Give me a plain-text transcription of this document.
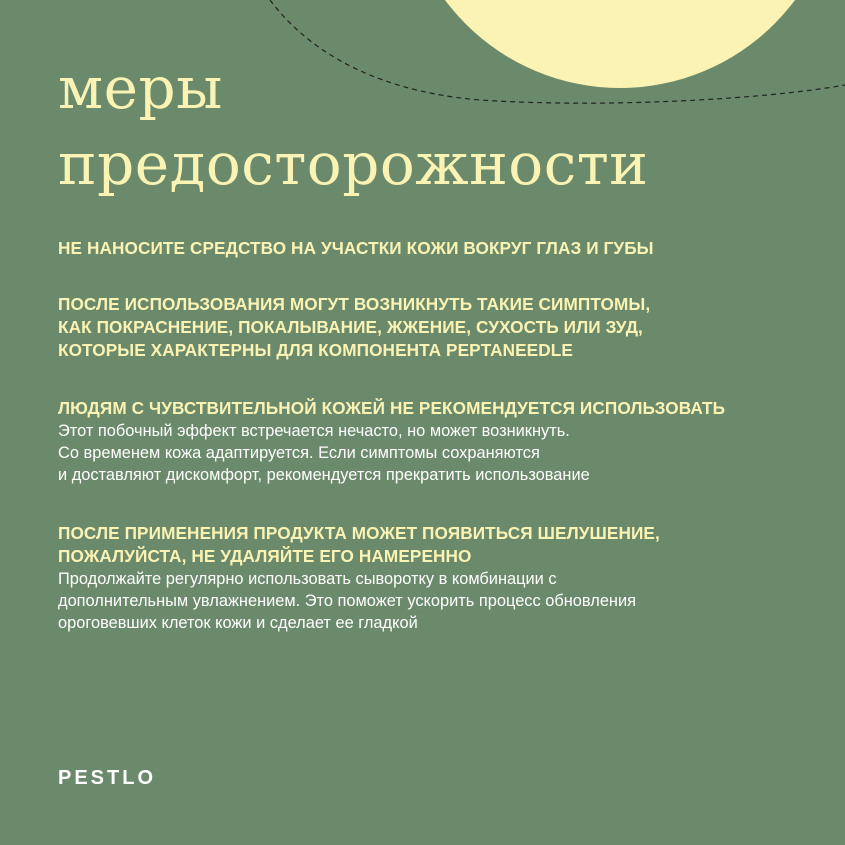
меры
предосторожности
НЕ НАНОСИТЕ СРЕДСТВО НА УЧАСТКИ КОЖИ ВОКРУГ ГЛАЗ И ГУБЫ
ПОСЛЕ ИСПОЛЬЗОВАНИЯ МОГУТ ВОЗНИКНУТЬ ТАКИЕ СИМПТОМЫ,
КАК ПОКРАСНЕНИЕ, ПОКАЛЫВАНИЕ, ЖЖЕНИЕ, СУХОСТЬ ИЛИ ЗУД,
КОТОРЫЕ ХАРАКТЕРНЫ ДЛЯ КОМПОНЕНТА PEPTANEEDLE
ЛЮДЯМ С ЧУВСТВИТЕЛЬНОЙ КОЖЕЙ НЕ РЕКОМЕНДУЕТСЯ ИСПОЛЬЗОВАТЬ
Этот побочный эффект встречается нечасто, но может возникнуть.
Со временем кожа адаптируется. Если симптомы сохраняются
и доставляют дискомфорт, рекомендуется прекратить использование
ПОСЛЕ ПРИМЕНЕНИЯ ПРОДУКТА МОЖЕТ ПОЯВИТЬСЯ ШЕЛУШЕНИЕ,
ПОЖАЛУЙСТА, НЕ УДАЛЯЙТЕ ЕГО НАМЕРЕННО
Продолжайте регулярно использовать сыворотку в комбинации с
дополнительным увлажнением. Это поможет ускорить процесс обновления
ороговевших клеток кожи и сделает ее гладкой
PESTLO
